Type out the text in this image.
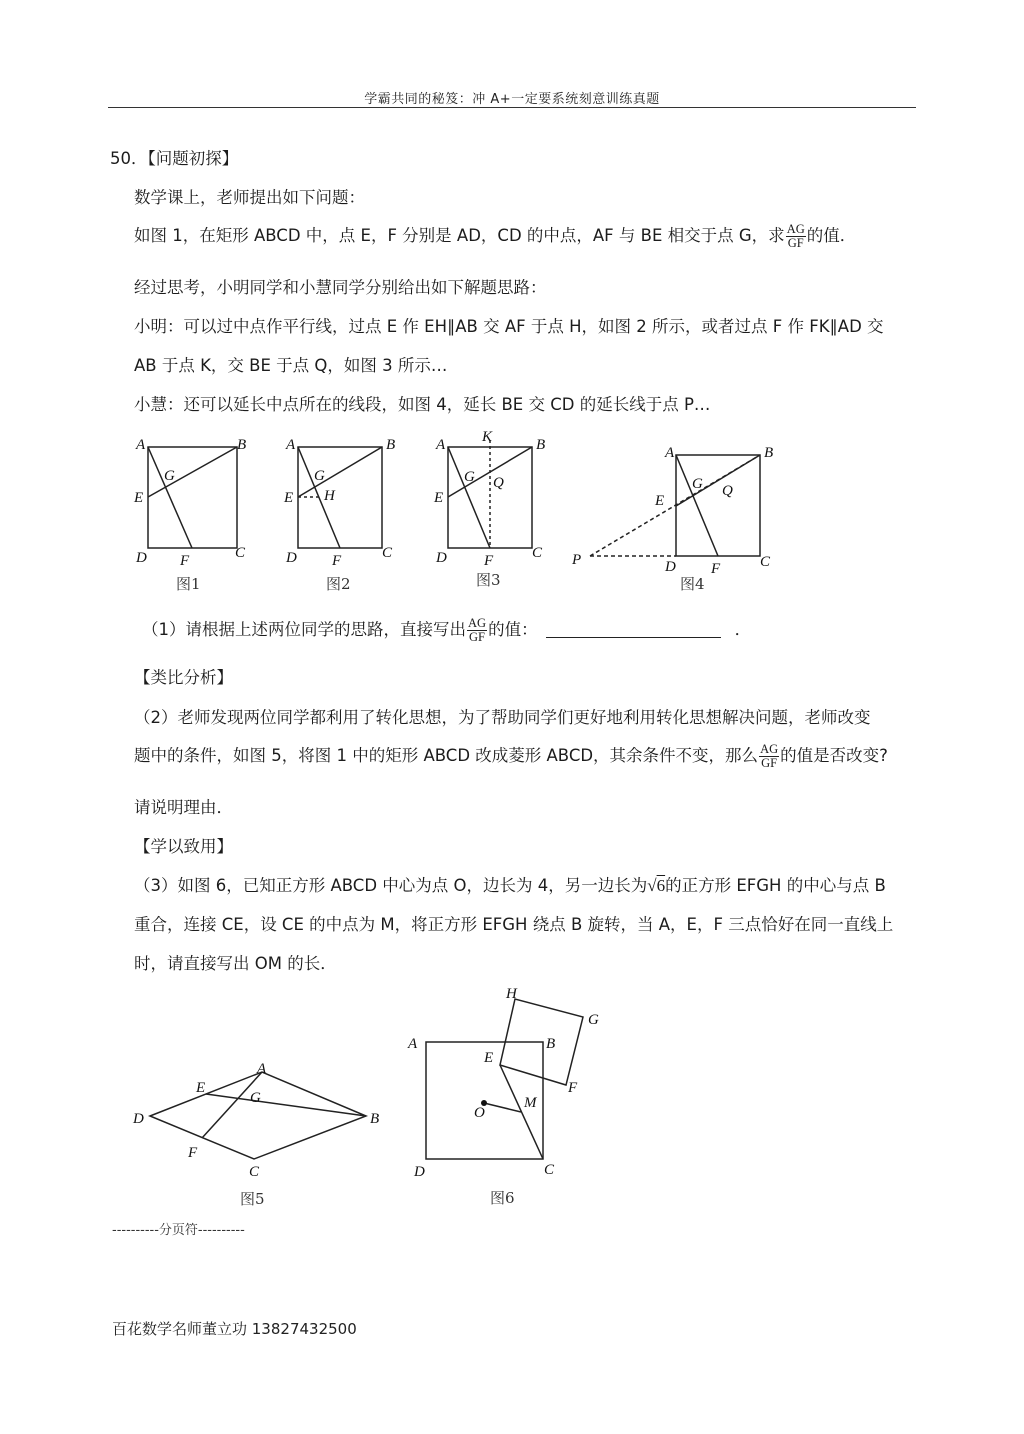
学霸共同的秘笈：冲 A+一定要系统刻意训练真题
50．【问题初探】
数学课上，老师提出如下问题：
如图 1，在矩形 ABCD 中，点 E，F 分别是 AD，CD 的中点，AF 与 BE 相交于点 G，求 $\frac{AG}{GF}$ 的值．
经过思考，小明同学和小慧同学分别给出如下解题思路：
小明：可以过中点作平行线，过点 E 作 EH∥AB 交 AF 于点 H，如图 2 所示，或者过点 F 作 FK∥AD 交
AB 于点 K，交 BE 于点 Q，如图 3 所示…
小慧：还可以延长中点所在的线段，如图 4，延长 BE 交 CD 的延长线于点 P…
A	B
C
D
E
F
G
A	B
C
D
E
F
G
H
A	B
C
D
E
F
G
K
Q
A	B
C
D
E
F
G Q
P
图1	图2	图3	图4
（1）请根据上述两位同学的思路，直接写出 $\frac{AG}{GF}$ 的值：	．
【类比分析】
（2）老师发现两位同学都利用了转化思想，为了帮助同学们更好地利用转化思想解决问题，老师改变
题中的条件，如图 5，将图 1 中的矩形 ABCD 改成菱形 ABCD，其余条件不变，那么 $\frac{AG}{GF}$ 的值是否改变?
请说明理由．
【学以致用】
（3）如图 6，已知正方形 ABCD 中心为点 O，边长为 4，另一边长为√6的正方形 EFGH 的中心与点 B
重合，连接 CE，设 CE 的中点为 M，将正方形 EFGH 绕点 B 旋转，当 A，E，F 三点恰好在同一直线上
时，请直接写出 OM 的长．
A
B
C
D
E
F
G
A	B
C
D
E
F
G
H
M
O
图5	图6
----------分页符----------
百花数学名师董立功 13827432500
